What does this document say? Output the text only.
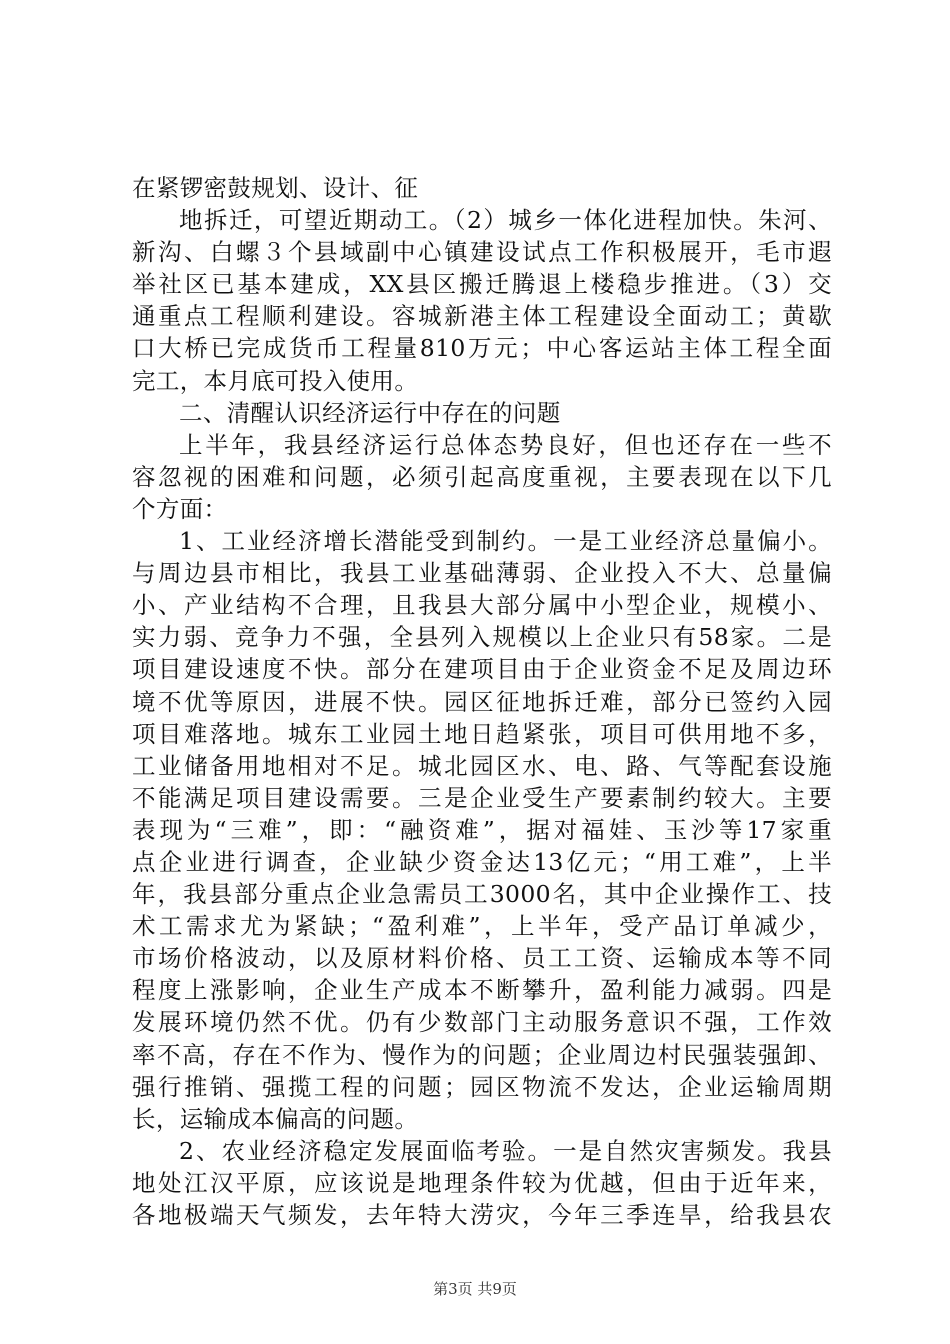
在紧锣密鼓规划、设计、征
地拆迁，可望近期动工。（2）城乡一体化进程加快。朱河、
新沟、白螺３个县域副中心镇建设试点工作积极展开，毛市遐
举社区已基本建成，XX县区搬迁腾退上楼稳步推进。（3）交
通重点工程顺利建设。容城新港主体工程建设全面动工；黄歇
口大桥已完成货币工程量810万元；中心客运站主体工程全面
完工，本月底可投入使用。
二、清醒认识经济运行中存在的问题
上半年，我县经济运行总体态势良好，但也还存在一些不
容忽视的困难和问题，必须引起高度重视，主要表现在以下几
个方面：
1、工业经济增长潜能受到制约。一是工业经济总量偏小。
与周边县市相比，我县工业基础薄弱、企业投入不大、总量偏
小、产业结构不合理，且我县大部分属中小型企业，规模小、
实力弱、竞争力不强，全县列入规模以上企业只有58家。二是
项目建设速度不快。部分在建项目由于企业资金不足及周边环
境不优等原因，进展不快。园区征地拆迁难，部分已签约入园
项目难落地。城东工业园土地日趋紧张，项目可供用地不多，
工业储备用地相对不足。城北园区水、电、路、气等配套设施
不能满足项目建设需要。三是企业受生产要素制约较大。主要
表现为“三难”，即：“融资难”，据对福娃、玉沙等17家重
点企业进行调查，企业缺少资金达13亿元；“用工难”，上半
年，我县部分重点企业急需员工3000名，其中企业操作工、技
术工需求尤为紧缺；“盈利难”，上半年，受产品订单减少，
市场价格波动，以及原材料价格、员工工资、运输成本等不同
程度上涨影响，企业生产成本不断攀升，盈利能力减弱。四是
发展环境仍然不优。仍有少数部门主动服务意识不强，工作效
率不高，存在不作为、慢作为的问题；企业周边村民强装强卸、
强行推销、强揽工程的问题；园区物流不发达，企业运输周期
长，运输成本偏高的问题。
2、农业经济稳定发展面临考验。一是自然灾害频发。我县
地处江汉平原，应该说是地理条件较为优越，但由于近年来，
各地极端天气频发，去年特大涝灾，今年三季连旱，给我县农
第3页 共9页
